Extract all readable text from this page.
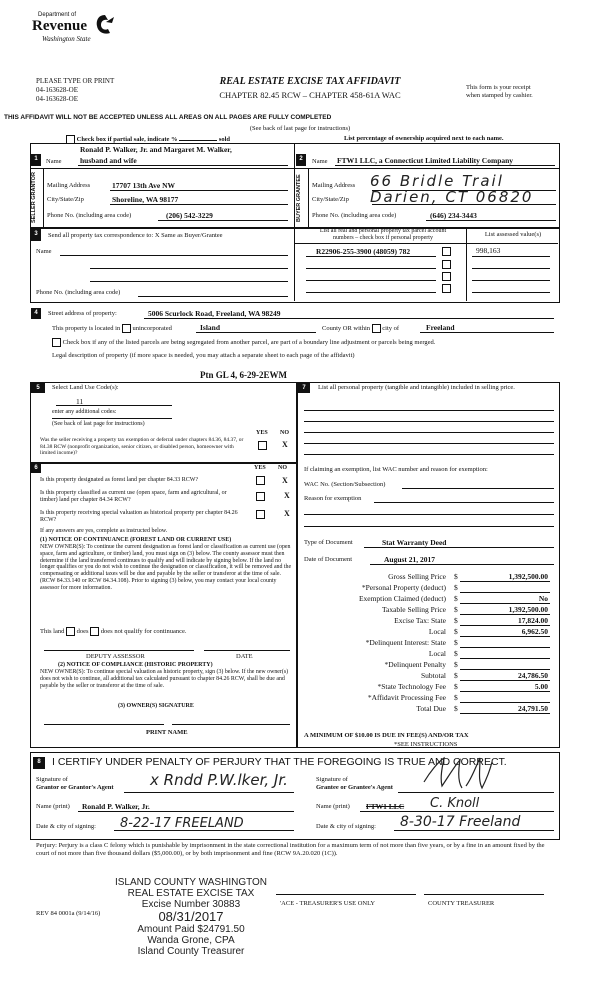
Department of
Revenue
Washington State
PLEASE TYPE OR PRINT
04-163628-OE
04-163628-OE
REAL ESTATE EXCISE TAX AFFIDAVIT
CHAPTER 82.45 RCW – CHAPTER 458-61A WAC
This form is your receipt
when stamped by cashier.
THIS AFFIDAVIT WILL NOT BE ACCEPTED UNLESS ALL AREAS ON ALL PAGES ARE FULLY COMPLETED
(See back of last page for instructions)
Check box if partial sale, indicate %	sold	List percentage of ownership acquired next to each name.
1	Name
Ronald P. Walker, Jr. and Margaret M. Walker,
husband and wife
SELLER GRANTOR	Mailing Address	17707 13th Ave NW
City/State/Zip	Shoreline, WA 98177
Phone No. (including area code)	(206) 542-3229
2	Name FTW1 LLC, a Connecticut Limited Liability Company
BUYER GRANTEE	Mailing Address 66 Bridle Trail
City/State/Zip Darien, CT 06820
Phone No. (including area code)	(646) 234-3443
3	Send all property tax correspondence to: X Same as Buyer/Grantee
Name
Phone No. (including area code)
List all real and personal property tax parcel account
numbers – check box if personal property	List assessed value(s)
R22906-255-3900 (48059) 782	998,163
4	Street address of property:	5006 Scurlock Road, Freeland, WA 98249
This property is located in unincorporated	Island	County OR within city of	Freeland
Check box if any of the listed parcels are being segregated from another parcel, are part of a boundary line adjustment or parcels being merged.
Legal description of property (if more space is needed, you may attach a separate sheet to each page of the affidavit)
Ptn GL 4, 6-29-2EWM
5	Select Land Use Code(s):
11
enter any additional codes:
(See back of last page for instructions)
YES NO
Was the seller receiving a property tax exemption or deferral under chapters 84.36, 84.37, or 84.38 RCW (nonprofit organization, senior citizen, or disabled person, homeowner with limited income)?
X
6	YES NO
Is this property designated as forest land per chapter 84.33 RCW?	X
Is this property classified as current use (open space, farm and agricultural, or timber) land per chapter 84.34 RCW?	X
Is this property receiving special valuation as historical property per chapter 84.26 RCW?
X
If any answers are yes, complete as instructed below.
(1) NOTICE OF CONTINUANCE (FOREST LAND OR CURRENT USE)
NEW OWNER(S): To continue the current designation as forest land or classification as current use (open space, farm and agriculture, or timber) land, you must sign on (3) below. The county assessor must then determine if the land transferred continues to qualify and will indicate by signing below. If the land no longer qualifies or you do not wish to continue the designation or classification, it will be removed and the compensating or additional taxes will be due and payable by the seller or transferor at the time of sale. (RCW 84.33.140 or RCW 84.34.108). Prior to signing (3) below, you may contact your local county assessor for more information.
This land does does not qualify for continuance.
DEPUTY ASSESSOR	DATE
(2) NOTICE OF COMPLIANCE (HISTORIC PROPERTY)
NEW OWNER(S): To continue special valuation as historic property, sign (3) below. If the new owner(s) does not wish to continue, all additional tax calculated pursuant to chapter 84.26 RCW, shall be due and payable by the seller or transferor at the time of sale.
(3) OWNER(S) SIGNATURE
PRINT NAME
7	List all personal property (tangible and intangible) included in selling price.
If claiming an exemption, list WAC number and reason for exemption:
WAC No. (Section/Subsection)
Reason for exemption
Type of Document	Stat Warranty Deed
Date of Document	August 21, 2017
Gross Selling Price $	1,392,500.00
*Personal Property (deduct) $
Exemption Claimed (deduct) $	No
Taxable Selling Price $	1,392,500.00
Excise Tax: State $	17,824.00
Local $	6,962.50
*Delinquent Interest: State $
Local $
*Delinquent Penalty $
Subtotal $	24,786.50
*State Technology Fee $	5.00
*Affidavit Processing Fee $
Total Due $	24,791.50
A MINIMUM OF $10.00 IS DUE IN FEE(S) AND/OR TAX
*SEE INSTRUCTIONS
8	I CERTIFY UNDER PENALTY OF PERJURY THAT THE FOREGOING IS TRUE AND CORRECT.
Signature of
Grantor or Grantor's Agent x Rndd P.W.lker, Jr.
Name (print) Ronald P. Walker, Jr.
Date & city of signing: 8-22-17 FREELAND
Signature of
Grantee or Grantee's Agent
Name (print) FTW1 LLC C. Knoll
Date & city of signing: 8-30-17 Freeland
Perjury: Perjury is a class C felony which is punishable by imprisonment in the state correctional institution for a maximum term of not more than five years, or by a fine in an amount fixed by the court of not more than five thousand dollars ($5,000.00), or by both imprisonment and fine (RCW 9A.20.020 (1C)).
ISLAND COUNTY WASHINGTON
REAL ESTATE EXCISE TAX
Excise Number 30883
08/31/2017
Amount Paid $24791.50
Wanda Grone, CPA
Island County Treasurer
REV 84 0001a (9/14/16)
'ACE - TREASURER'S USE ONLY	COUNTY TREASURER
